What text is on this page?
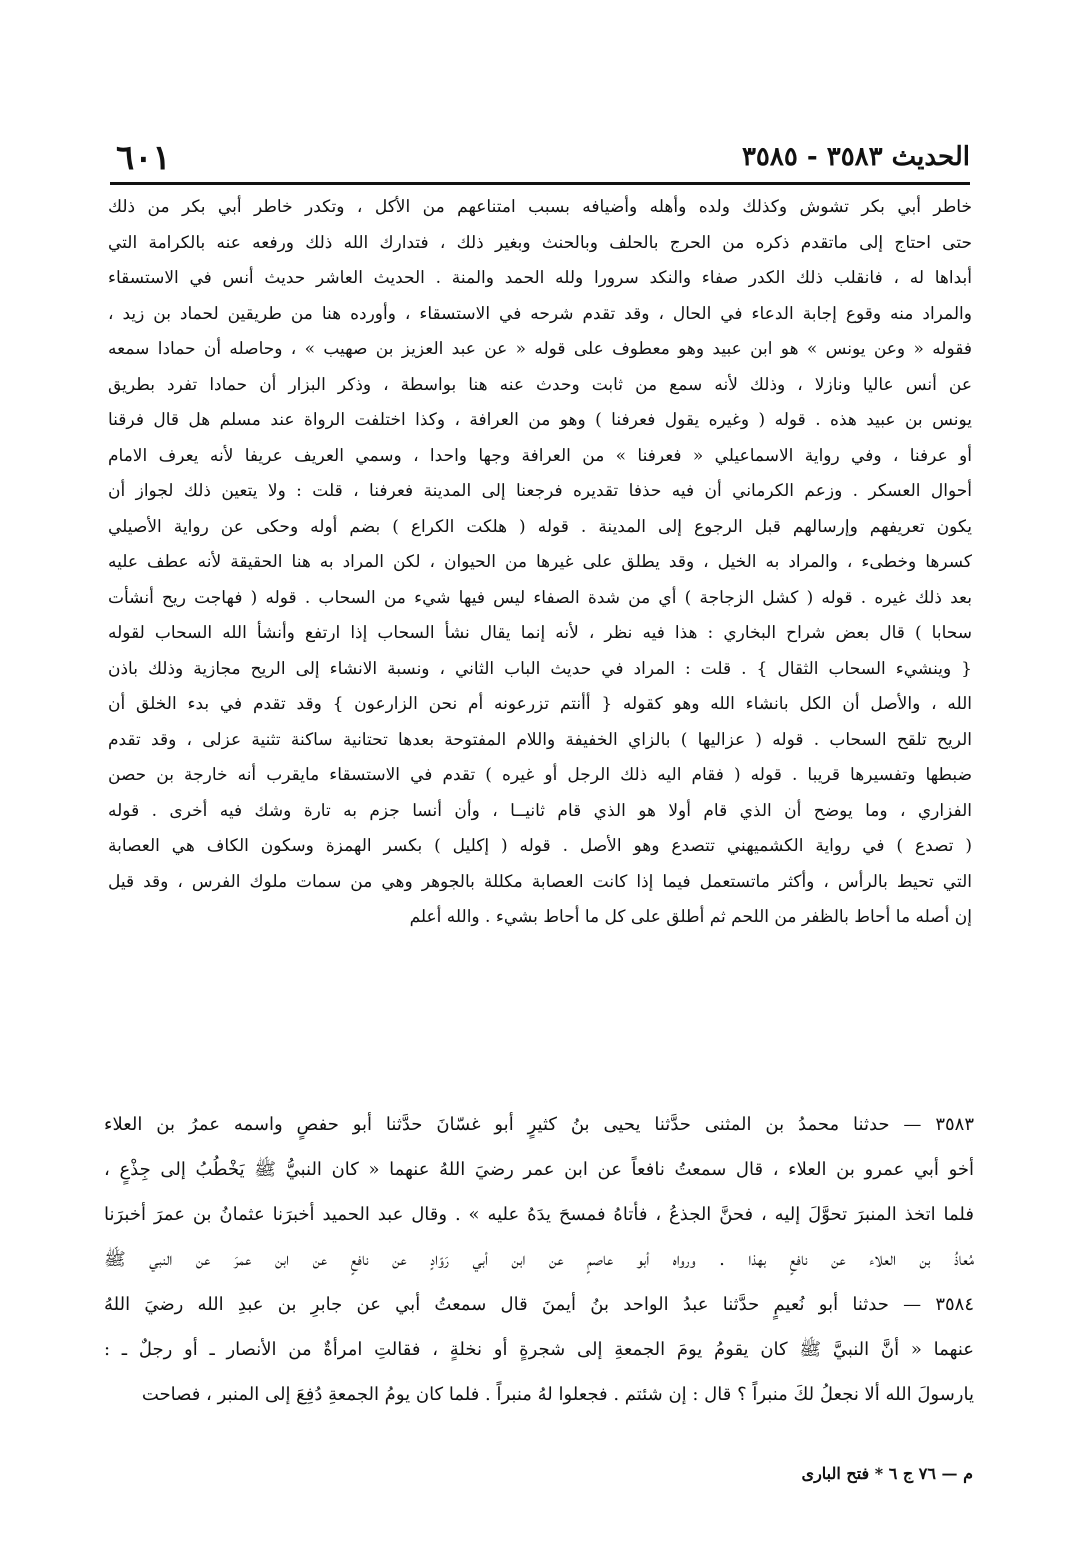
الحديث ٣٥٨٣ - ٣٥٨٥
٦٠١
خاطر أبي بكر تشوش وكذلك ولده وأهله وأضيافه بسبب امتناعهم من الأكل ، وتكدر خاطر أبي بكر من ذلك
حتى احتاج إلى ماتقدم ذكره من الحرج بالحلف وبالحنث وبغير ذلك ، فتدارك الله ذلك ورفعه عنه بالكرامة التي
أبداها له ، فانقلب ذلك الكدر صفاء والنكد سرورا ولله الحمد والمنة . الحديث العاشر حديث أنس في الاستسقاء
والمراد منه وقوع إجابة الدعاء في الحال ، وقد تقدم شرحه في الاستسقاء ، وأورده هنا من طريقين لحماد بن زيد ،
فقوله « وعن يونس » هو ابن عبيد وهو معطوف على قوله « عن عبد العزيز بن صهيب » ، وحاصله أن حمادا سمعه
عن أنس عاليا ونازلا ، وذلك لأنه سمع من ثابت وحدث عنه هنا بواسطة ، وذكر البزار أن حمادا تفرد بطريق
يونس بن عبيد هذه . قوله ( وغيره يقول فعرفنا ) وهو من العرافة ، وكذا اختلفت الرواة عند مسلم هل قال فرقنا
أو عرفنا ، وفي رواية الاسماعيلي « فعرفنا » من العرافة وجها واحدا ، وسمي العريف عريفا لأنه يعرف الامام
أحوال العسكر . وزعم الكرماني أن فيه حذفا تقديره فرجعنا إلى المدينة فعرفنا ، قلت : ولا يتعين ذلك لجواز أن
يكون تعريفهم وإرسالهم قبل الرجوع إلى المدينة . قوله ( هلكت الكراع ) بضم أوله وحكى عن رواية الأصيلي
كسرها وخطىء ، والمراد به الخيل ، وقد يطلق على غيرها من الحيوان ، لكن المراد به هنا الحقيقة لأنه عطف عليه
بعد ذلك غيره . قوله ( كشل الزجاجة ) أي من شدة الصفاء ليس فيها شيء من السحاب . قوله ( فهاجت ريح أنشأت
سحابا ) قال بعض شراح البخاري : هذا فيه نظر ، لأنه إنما يقال نشأ السحاب إذا ارتفع وأنشأ الله السحاب لقوله
{ وينشيء السحاب الثقال } . قلت : المراد في حديث الباب الثاني ، ونسبة الانشاء إلى الريح مجازية وذلك باذن
الله ، والأصل أن الكل بانشاء الله وهو كقوله { أأنتم تزرعونه أم نحن الزارعون } وقد تقدم في بدء الخلق أن
الريح تلقح السحاب . قوله ( عزاليها ) بالزاي الخفيفة واللام المفتوحة بعدها تحتانية ساكنة تثنية عزلى ، وقد تقدم
ضبطها وتفسيرها قريبا . قوله ( فقام اليه ذلك الرجل أو غيره ) تقدم في الاستسقاء مايقرب أنه خارجة بن حصن
الفزاري ، وما يوضح أن الذي قام أولا هو الذي قام ثانيــا ، وأن أنسا جزم به تارة وشك فيه أخرى . قوله
( تصدع ) في رواية الكشميهني تتصدع وهو الأصل . قوله ( إكليل ) بكسر الهمزة وسكون الكاف هي العصابة
التي تحيط بالرأس ، وأكثر ماتستعمل فيما إذا كانت العصابة مكللة بالجوهر وهي من سمات ملوك الفرس ، وقد قيل
إن أصله ما أحاط بالظفر من اللحم ثم أطلق على كل ما أحاط بشيء . والله أعلم
٣٥٨٣ — حدثنا محمدُ بن المثنى حدَّثنا يحيى بنُ كثيرٍ أبو غسّانَ حدَّثنا أبو حفصٍ واسمه عمرُ بن العلاء
أخو أبي عمرو بن العلاء ، قال سمعتُ نافعاً عن ابن عمر رضيَ اللهُ عنهما « كان النبيُّ ﷺ يَخْطُبُ إلى جِذْعٍ ،
فلما اتخذ المنبرَ تحوَّلَ إليه ، فحنَّ الجذعُ ، فأتاهُ فمسحَ يدَهُ عليه » . وقال عبد الحميد أخبرَنا عثمانُ بن عمرَ أخبرَنا
مُعاذُ بن العلاء عن نافعٍ بهذا . ورواه أبو عاصمٍ عن ابن أبي رَوّادٍ عن نافعٍ عن ابن عمرَ عن النبي ﷺ
٣٥٨٤ — حدثنا أبو نُعيمٍ حدَّثنا عبدُ الواحد بنُ أيمنَ قال سمعتُ أبي عن جابرِ بن عبدِ الله رضيَ اللهُ
عنهما « أنَّ النبيَّ ﷺ كان يقومُ يومَ الجمعةِ إلى شجرةٍ أو نخلةٍ ، فقالتِ امرأةٌ من الأنصار ـ أو رجلٌ ـ :
يارسولَ الله ألا نجعلُ لكَ منبراً ؟ قال : إن شئتم . فجعلوا لهُ منبراً . فلما كان يومُ الجمعةِ دُفِعَ إلى المنبر ، فصاحت
م — ٧٦ ج ٦ * فتح البارى
